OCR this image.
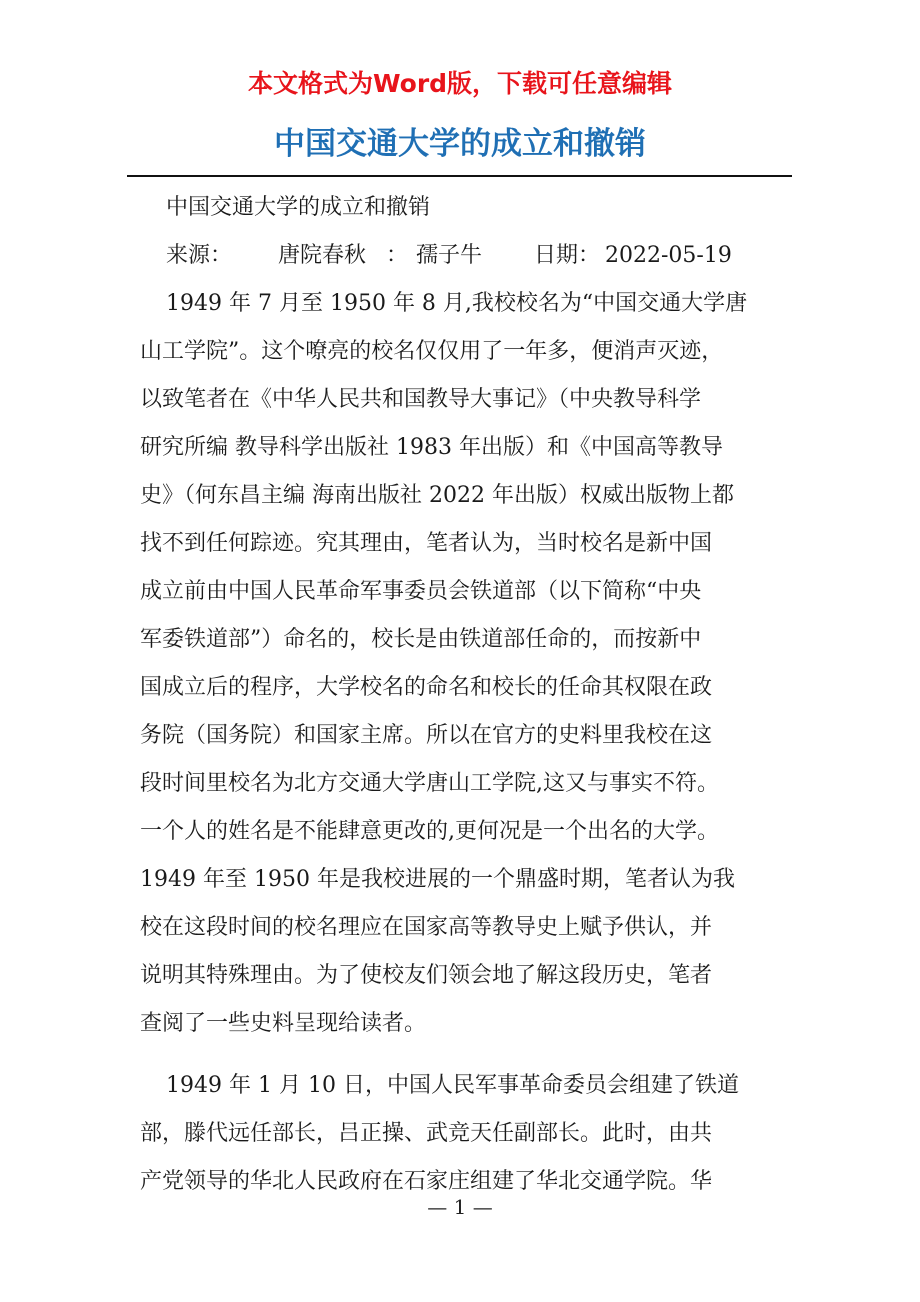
本文格式为Word版，下载可任意编辑
中国交通大学的成立和撤销
中国交通大学的成立和撤销
来源：	唐院春秋 ： 孺子牛	日期： 2022-05-19
1949 年 7 月至 1950 年 8 月,我校校名为“中国交通大学唐
山工学院”。这个嘹亮的校名仅仅用了一年多，便消声灭迹，
以致笔者在《中华人民共和国教导大事记》（中央教导科学
研究所编 教导科学出版社 1983 年出版）和《中国高等教导
史》（何东昌主编 海南出版社 2022 年出版）权威出版物上都
找不到任何踪迹。究其理由，笔者认为，当时校名是新中国
成立前由中国人民革命军事委员会铁道部（以下简称“中央
军委铁道部”）命名的，校长是由铁道部任命的，而按新中
国成立后的程序，大学校名的命名和校长的任命其权限在政
务院（国务院）和国家主席。所以在官方的史料里我校在这
段时间里校名为北方交通大学唐山工学院,这又与事实不符。
一个人的姓名是不能肆意更改的,更何况是一个出名的大学。
1949 年至 1950 年是我校进展的一个鼎盛时期，笔者认为我
校在这段时间的校名理应在国家高等教导史上赋予供认，并
说明其特殊理由。为了使校友们领会地了解这段历史，笔者
查阅了一些史料呈现给读者。
1949 年 1 月 10 日，中国人民军事革命委员会组建了铁道
部，滕代远任部长，吕正操、武竞天任副部长。此时，由共
产党领导的华北人民政府在石家庄组建了华北交通学院。华
— 1 —
